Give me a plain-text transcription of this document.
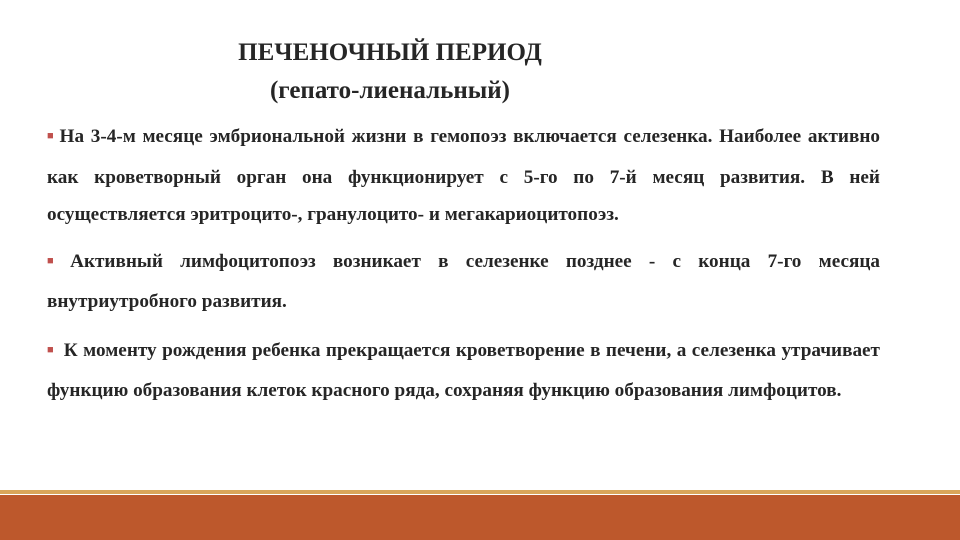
ПЕЧЕНОЧНЫЙ ПЕРИОД
(гепато-лиенальный)

■ На 3-4-м месяце эмбриональной жизни в гемопоэз включается селезенка. Наиболее активно как кроветворный орган она функционирует с 5-го по 7-й месяц развития. В ней осуществляется эритроцито-, гранулоцито- и мегакариоцитопоэз.

■ Активный лимфоцитопоэз возникает в селезенке позднее - с конца 7-го месяца внутриутробного развития.

■ К моменту рождения ребенка прекращается кроветворение в печени, а селезенка утрачивает функцию образования клеток красного ряда, сохраняя функцию образования лимфоцитов.
